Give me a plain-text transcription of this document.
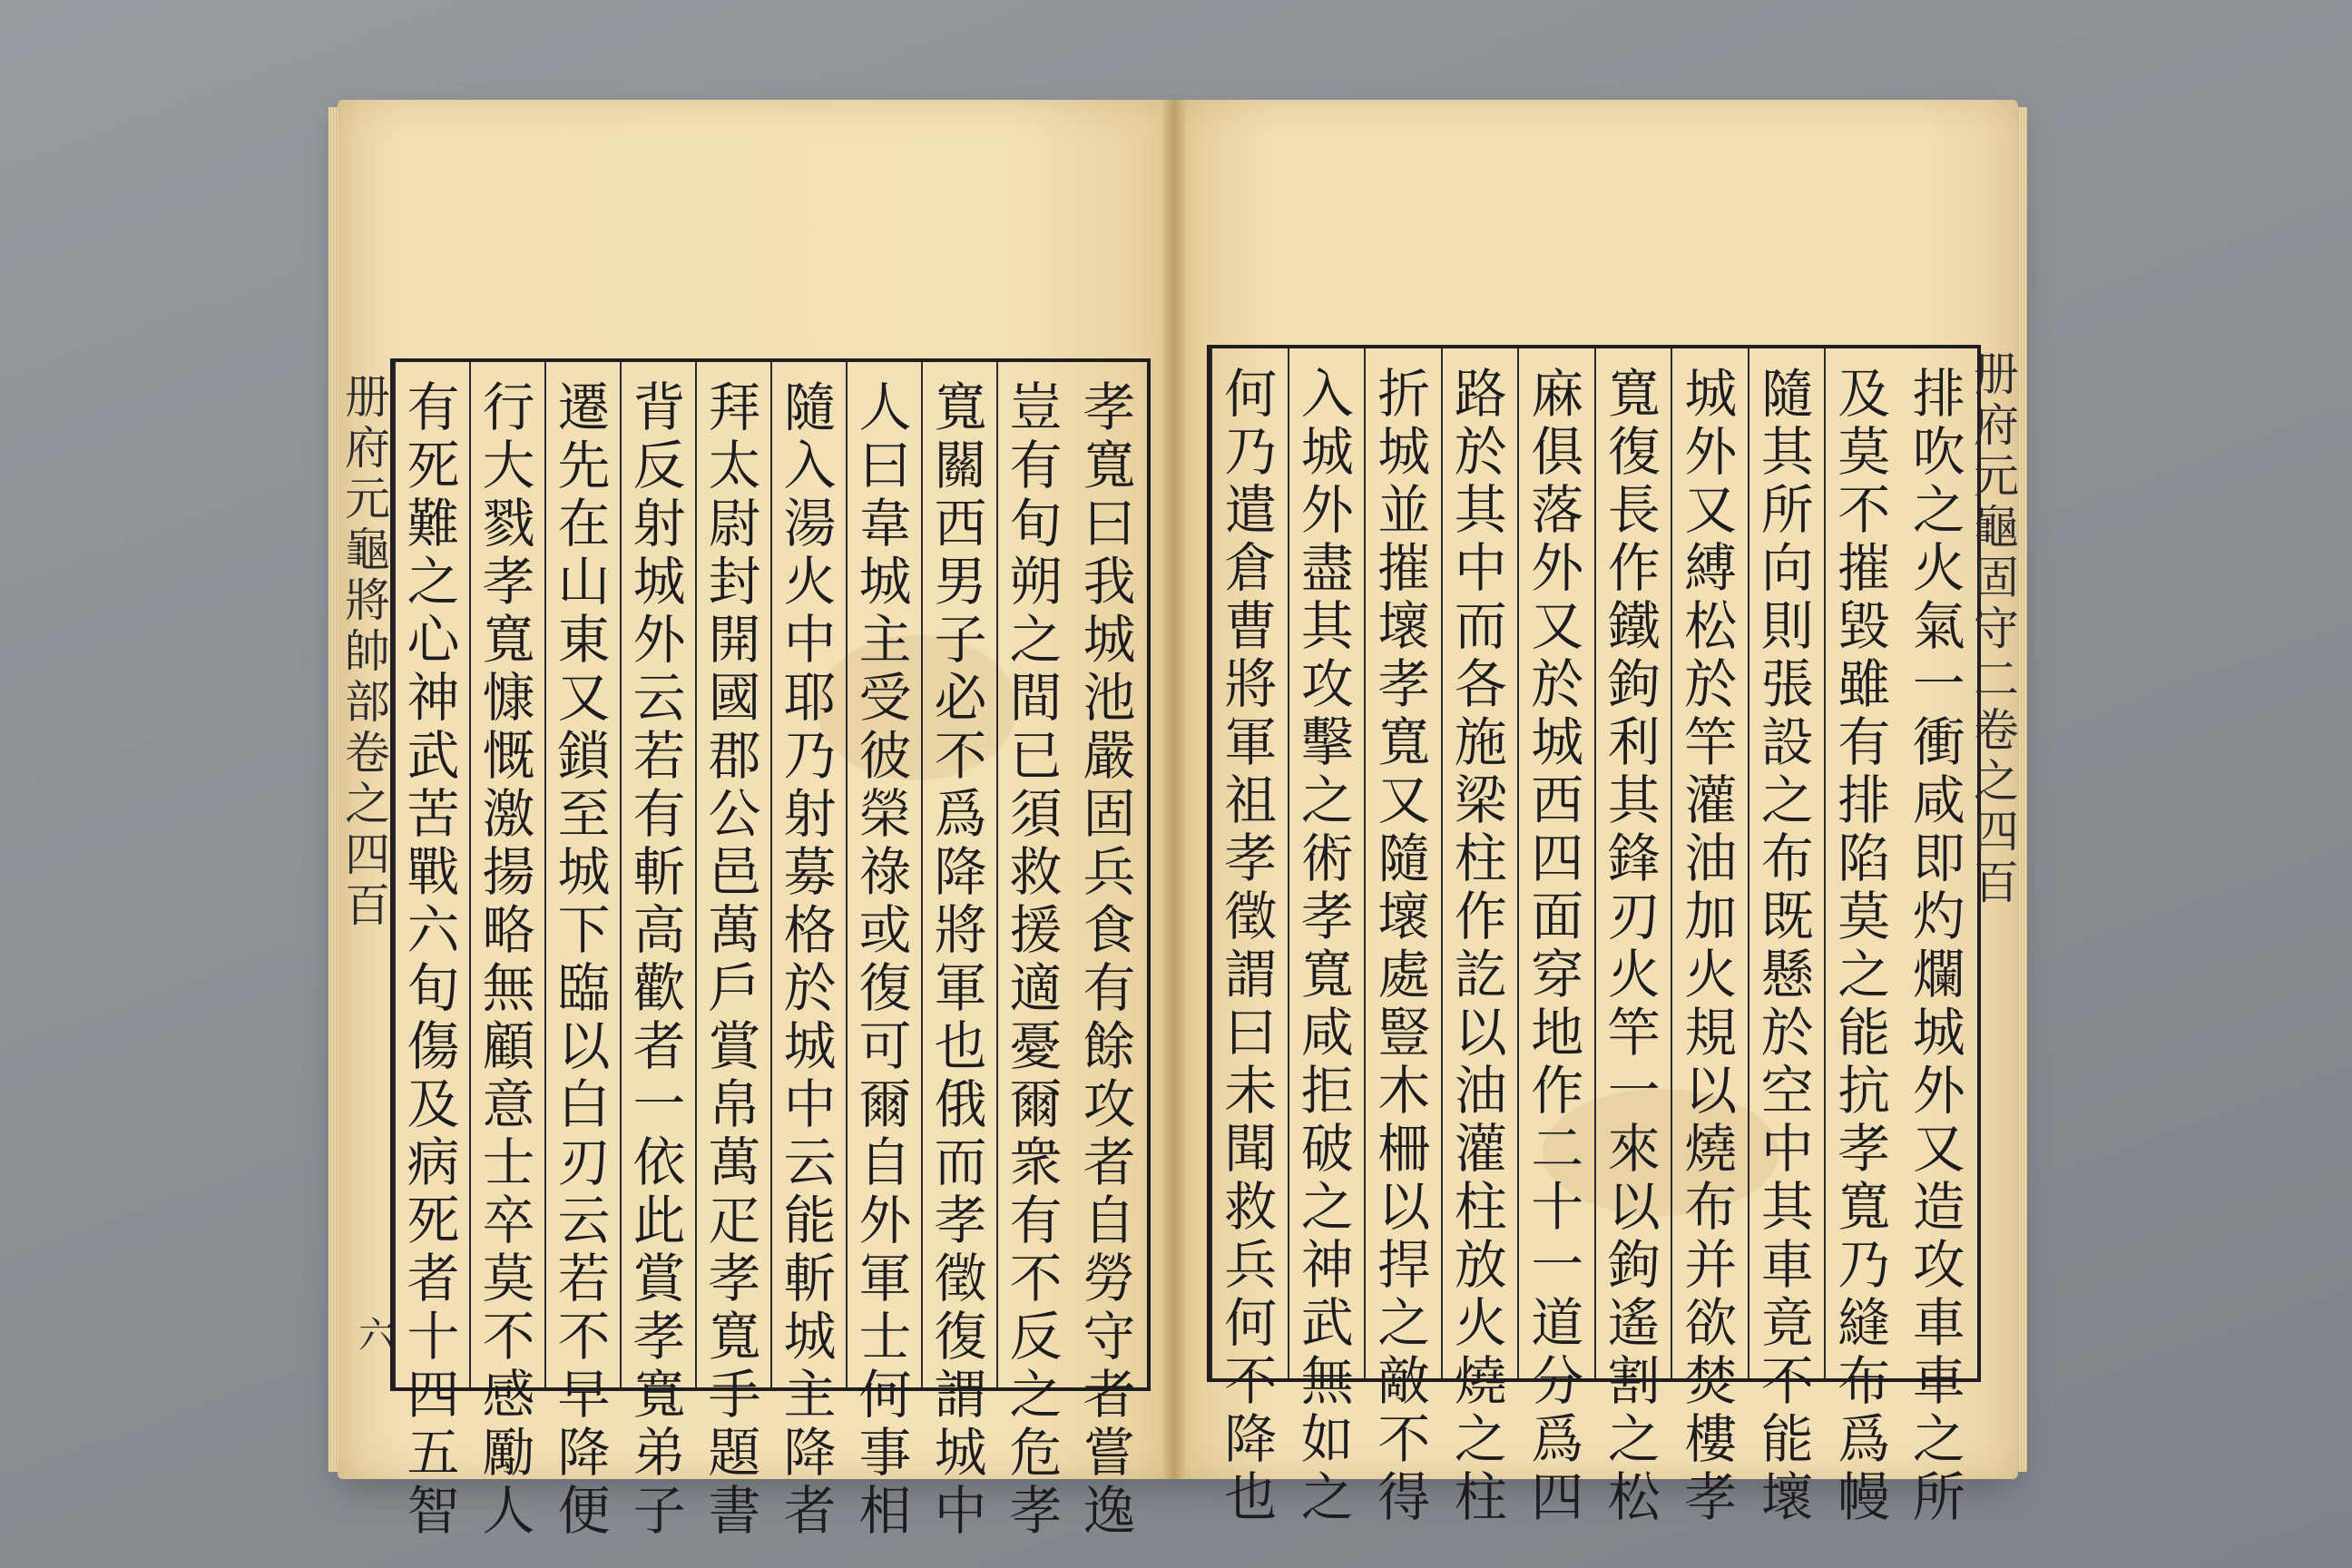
册
府
元
龜
將
帥
部
卷
之
四
百
六
孝
寬
曰
我
城
池
嚴
固
兵
食
有
餘
攻
者
自
勞
守
者
嘗
逸
豈
有
旬
朔
之
間
已
須
救
援
適
憂
爾
衆
有
不
反
之
危
孝
寬
關
西
男
子
必
不
爲
降
將
軍
也
俄
而
孝
徵
復
謂
城
中
人
曰
韋
城
主
受
彼
榮
祿
或
復
可
爾
自
外
軍
士
何
事
相
隨
入
湯
火
中
耶
乃
射
募
格
於
城
中
云
能
斬
城
主
降
者
拜
太
尉
封
開
國
郡
公
邑
萬
戶
賞
帛
萬
疋
孝
寬
手
題
書
背
反
射
城
外
云
若
有
斬
高
歡
者
一
依
此
賞
孝
寬
弟
子
遷
先
在
山
東
又
鎖
至
城
下
臨
以
白
刃
云
若
不
早
降
便
行
大
戮
孝
寬
慷
慨
激
揚
略
無
顧
意
士
卒
莫
不
感
勵
人
有
死
難
之
心
神
武
苦
戰
六
旬
傷
及
病
死
者
十
四
五
智
排
吹
之
火
氣
一
衝
咸
即
灼
爛
城
外
又
造
攻
車
車
之
所
及
莫
不
摧
毀
雖
有
排
陷
莫
之
能
抗
孝
寬
乃
縫
布
爲
幔
隨
其
所
向
則
張
設
之
布
既
懸
於
空
中
其
車
竟
不
能
壞
城
外
又
縛
松
於
竿
灌
油
加
火
規
以
燒
布
并
欲
焚
樓
孝
寬
復
長
作
鐵
鉤
利
其
鋒
刃
火
竿
一
來
以
鉤
遙
割
之
松
麻
俱
落
外
又
於
城
西
四
面
穿
地
作
二
十
一
道
分
爲
四
路
於
其
中
而
各
施
梁
柱
作
訖
以
油
灌
柱
放
火
燒
之
柱
折
城
並
摧
壞
孝
寬
又
隨
壞
處
豎
木
柵
以
捍
之
敵
不
得
入
城
外
盡
其
攻
擊
之
術
孝
寬
咸
拒
破
之
神
武
無
如
之
何
乃
遣
倉
曹
將
軍
祖
孝
徵
謂
曰
未
聞
救
兵
何
不
降
也
册
府
元
龜
固
守
二
卷
之
四
百
